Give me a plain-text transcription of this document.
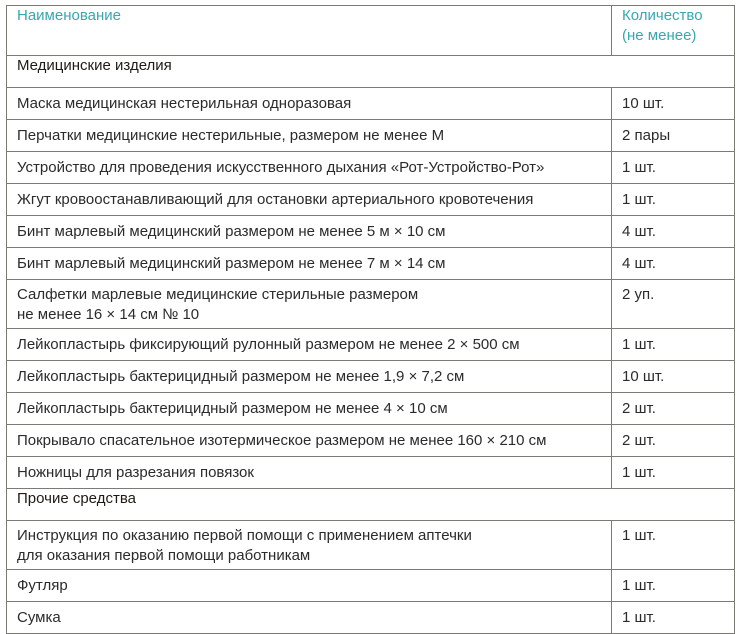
Наименование	Количество
(не менее)
Медицинские изделия	
Маска медицинская нестерильная одноразовая	10 шт.
Перчатки медицинские нестерильные, размером не менее М	2 пары
Устройство для проведения искусственного дыхания «Рот-Устройство-Рот»	1 шт.
Жгут кровоостанавливающий для остановки артериального кровотечения	1 шт.
Бинт марлевый медицинский размером не менее 5 м × 10 см	4 шт.
Бинт марлевый медицинский размером не менее 7 м × 14 см	4 шт.
Салфетки марлевые медицинские стерильные размером
не менее 16 × 14 см № 10	2 уп.
Лейкопластырь фиксирующий рулонный размером не менее 2 × 500 см	1 шт.
Лейкопластырь бактерицидный размером не менее 1,9 × 7,2 см	10 шт.
Лейкопластырь бактерицидный размером не менее 4 × 10 см	2 шт.
Покрывало спасательное изотермическое размером не менее 160 × 210 см	2 шт.
Ножницы для разрезания повязок	1 шт.
Прочие средства	
Инструкция по оказанию первой помощи с применением аптечки
для оказания первой помощи работникам	1 шт.
Футляр	1 шт.
Сумка	1 шт.
